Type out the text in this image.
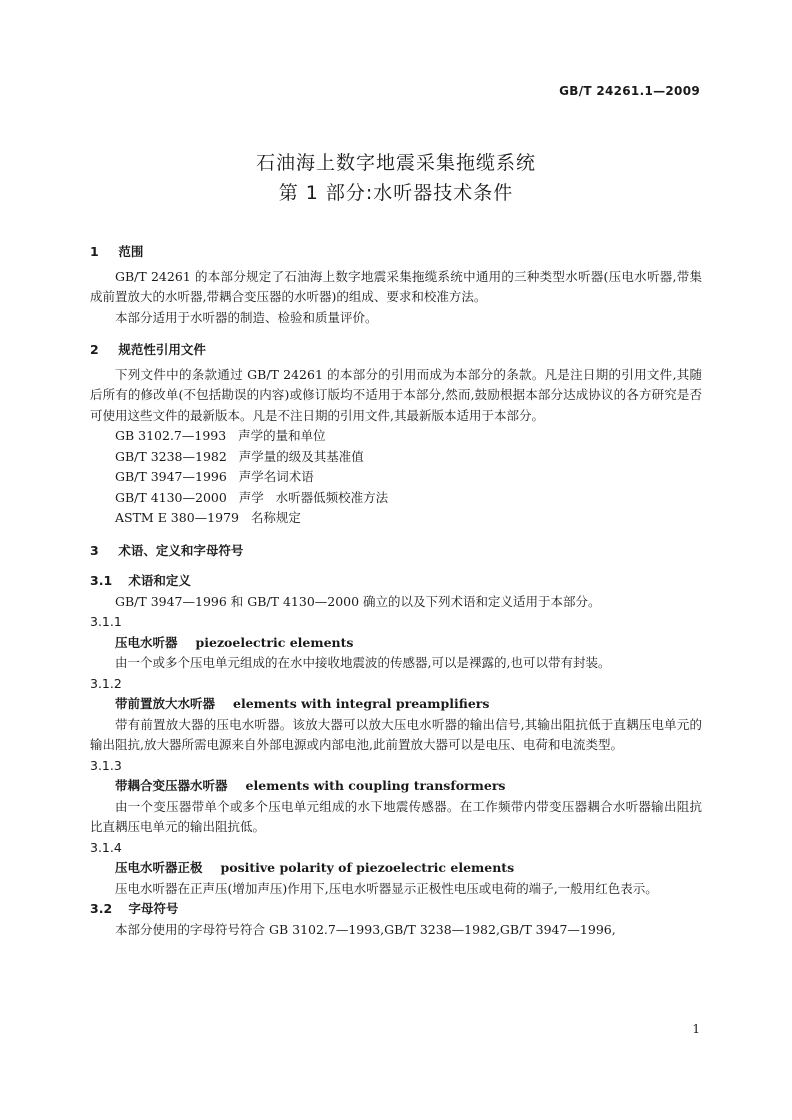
GB/T 24261.1—2009
石油海上数字地震采集拖缆系统
第 1 部分:水听器技术条件
1 范围

GB/T 24261 的本部分规定了石油海上数字地震采集拖缆系统中通用的三种类型水听器(压电水听器,带集成前置放大的水听器,带耦合变压器的水听器)的组成、要求和校准方法。

本部分适用于水听器的制造、检验和质量评价。

2 规范性引用文件

下列文件中的条款通过 GB/T 24261 的本部分的引用而成为本部分的条款。凡是注日期的引用文件,其随后所有的修改单(不包括勘误的内容)或修订版均不适用于本部分,然而,鼓励根据本部分达成协议的各方研究是否可使用这些文件的最新版本。凡是不注日期的引用文件,其最新版本适用于本部分。

GB 3102.7—1993   声学的量和单位
GB/T 3238—1982   声学量的级及其基准值
GB/T 3947—1996   声学名词术语
GB/T 4130—2000   声学   水听器低频校准方法
ASTM E 380—1979   名称规定
3 术语、定义和字母符号
3.1 术语和定义

GB/T 3947—1996 和 GB/T 4130—2000 确立的以及下列术语和定义适用于本部分。

3.1.1
压电水听器 piezoelectric elements

由一个或多个压电单元组成的在水中接收地震波的传感器,可以是裸露的,也可以带有封装。

3.1.2
带前置放大水听器 elements with integral preamplifiers

带有前置放大器的压电水听器。该放大器可以放大压电水听器的输出信号,其输出阻抗低于直耦压电单元的输出阻抗,放大器所需电源来自外部电源或内部电池,此前置放大器可以是电压、电荷和电流类型。

3.1.3
带耦合变压器水听器 elements with coupling transformers

由一个变压器带单个或多个压电单元组成的水下地震传感器。在工作频带内带变压器耦合水听器输出阻抗比直耦压电单元的输出阻抗低。

3.1.4
压电水听器正极 positive polarity of piezoelectric elements

压电水听器在正声压(增加声压)作用下,压电水听器显示正极性电压或电荷的端子,一般用红色表示。

3.2 字母符号

本部分使用的字母符号符合 GB 3102.7—1993,GB/T 3238—1982,GB/T 3947—1996,

1
